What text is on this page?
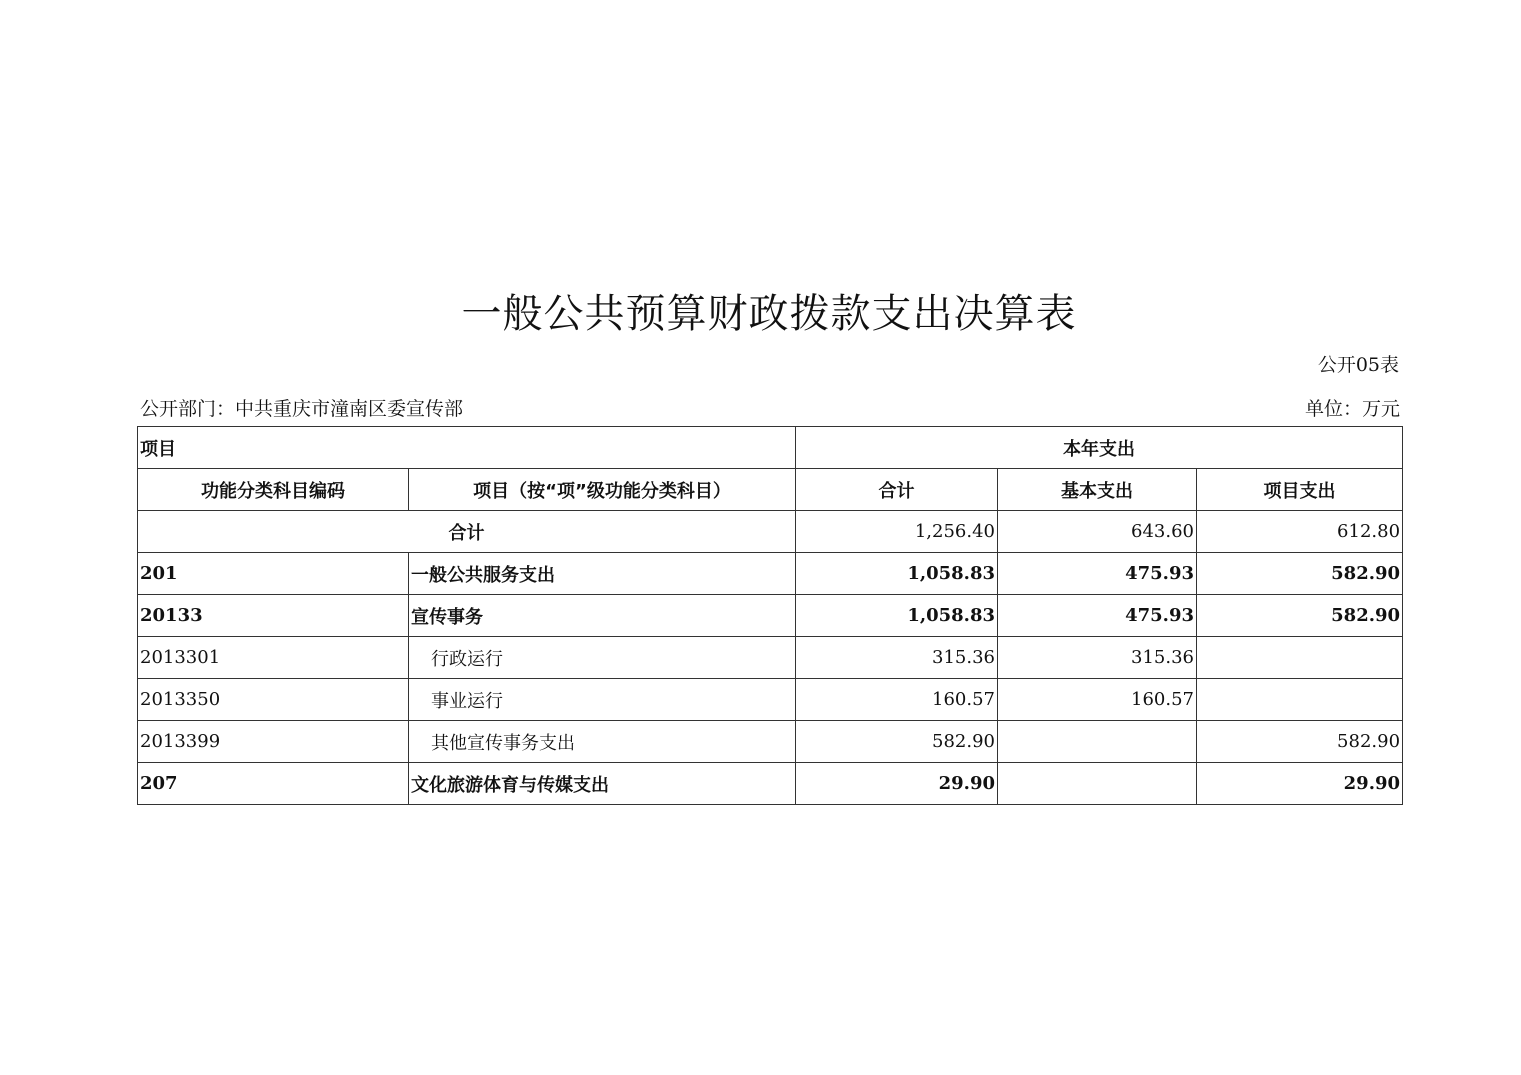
一般公共预算财政拨款支出决算表
公开05表
公开部门：中共重庆市潼南区委宣传部	单位：万元
项目		本年支出		
功能分类科目编码	项目（按“项”级功能分类科目）	合计	基本支出	项目支出
合计		1,256.40	643.60	612.80
201	一般公共服务支出	1,058.83	475.93	582.90
20133	宣传事务	1,058.83	475.93	582.90
2013301	行政运行	315.36	315.36	
2013350	事业运行	160.57	160.57	
2013399	其他宣传事务支出	582.90		582.90
207	文化旅游体育与传媒支出	29.90		29.90
